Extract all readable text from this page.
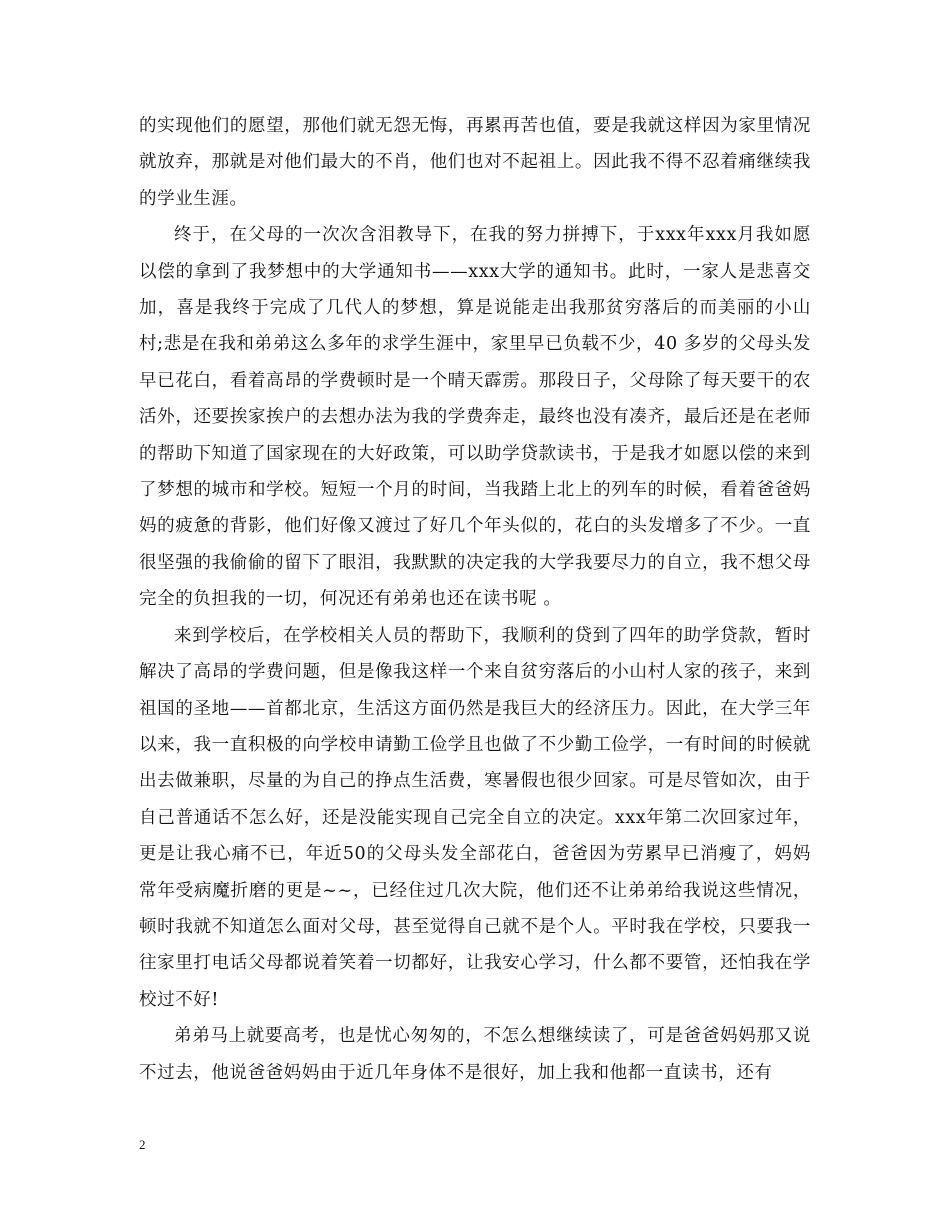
的实现他们的愿望，那他们就无怨无悔，再累再苦也值，要是我就这样因为家里情况就放弃，那就是对他们最大的不肖，他们也对不起祖上。因此我不得不忍着痛继续我的学业生涯。

终于，在父母的一次次含泪教导下，在我的努力拼搏下，于xxx年xxx月我如愿以偿的拿到了我梦想中的大学通知书——xxx大学的通知书。此时，一家人是悲喜交加，喜是我终于完成了几代人的梦想，算是说能走出我那贫穷落后的而美丽的小山村;悲是在我和弟弟这么多年的求学生涯中，家里早已负载不少，40 多岁的父母头发早已花白，看着高昂的学费顿时是一个晴天霹雳。那段日子，父母除了每天要干的农活外，还要挨家挨户的去想办法为我的学费奔走，最终也没有凑齐，最后还是在老师的帮助下知道了国家现在的大好政策，可以助学贷款读书，于是我才如愿以偿的来到了梦想的城市和学校。短短一个月的时间，当我踏上北上的列车的时候，看着爸爸妈妈的疲惫的背影，他们好像又渡过了好几个年头似的，花白的头发增多了不少。一直很坚强的我偷偷的留下了眼泪，我默默的决定我的大学我要尽力的自立，我不想父母完全的负担我的一切，何况还有弟弟也还在读书呢 。

来到学校后，在学校相关人员的帮助下，我顺利的贷到了四年的助学贷款，暂时解决了高昂的学费问题，但是像我这样一个来自贫穷落后的小山村人家的孩子，来到祖国的圣地——首都北京，生活这方面仍然是我巨大的经济压力。因此，在大学三年以来，我一直积极的向学校申请勤工俭学且也做了不少勤工俭学，一有时间的时候就出去做兼职，尽量的为自己的挣点生活费，寒暑假也很少回家。可是尽管如次，由于自己普通话不怎么好，还是没能实现自己完全自立的决定。xxx年第二次回家过年，更是让我心痛不已，年近50的父母头发全部花白，爸爸因为劳累早已消瘦了，妈妈常年受病魔折磨的更是~~，已经住过几次大院，他们还不让弟弟给我说这些情况，顿时我就不知道怎么面对父母，甚至觉得自己就不是个人。平时我在学校，只要我一往家里打电话父母都说着笑着一切都好，让我安心学习，什么都不要管，还怕我在学校过不好!

弟弟马上就要高考，也是忧心匆匆的，不怎么想继续读了，可是爸爸妈妈那又说不过去，他说爸爸妈妈由于近几年身体不是很好，加上我和他都一直读书，还有

2
